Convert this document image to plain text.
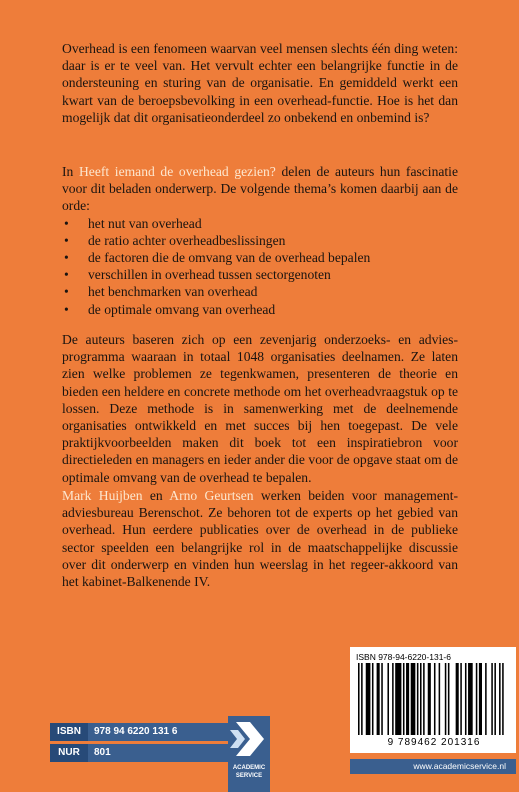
Overhead is een fenomeen waarvan veel mensen slechts één ding weten: daar is er te veel van. Het vervult echter een belangrijke functie in de ondersteuning en sturing van de organisatie. En gemiddeld werkt een kwart van de beroepsbevolking in een overhead-functie. Hoe is het dan mogelijk dat dit organisatieonderdeel zo onbekend en onbemind is?
In Heeft iemand de overhead gezien? delen de auteurs hun fascinatie voor dit beladen onderwerp. De volgende thema’s komen daarbij aan de orde:
• het nut van overhead
• de ratio achter overheadbeslissingen
• de factoren die de omvang van de overhead bepalen
• verschillen in overhead tussen sectorgenoten
• het benchmarken van overhead
• de optimale omvang van overhead
De auteurs baseren zich op een zevenjarig onderzoeks- en advies-programma waaraan in totaal 1048 organisaties deelnamen. Ze laten zien welke problemen ze tegenkwamen, presenteren de theorie en bieden een heldere en concrete methode om het overheadvraagstuk op te lossen. Deze methode is in samenwerking met de deelnemende organisaties ontwikkeld en met succes bij hen toegepast. De vele praktijkvoorbeelden maken dit boek tot een inspiratiebron voor directieleden en managers en ieder ander die voor de opgave staat om de optimale omvang van de overhead te bepalen.
Mark Huijben en Arno Geurtsen werken beiden voor management-adviesbureau Berenschot. Ze behoren tot de experts op het gebied van overhead. Hun eerdere publicaties over de overhead in de publieke sector speelden een belangrijke rol in de maatschappelijke discussie over dit onderwerp en vinden hun weerslag in het regeer-akkoord van het kabinet-Balkenende IV.
ISBN 978-94-6220-131-6
9 789462 201316
ISBN	978 94 6220 131 6
NUR	801
ACADEMIC
SERVICE
www.academicservice.nl
